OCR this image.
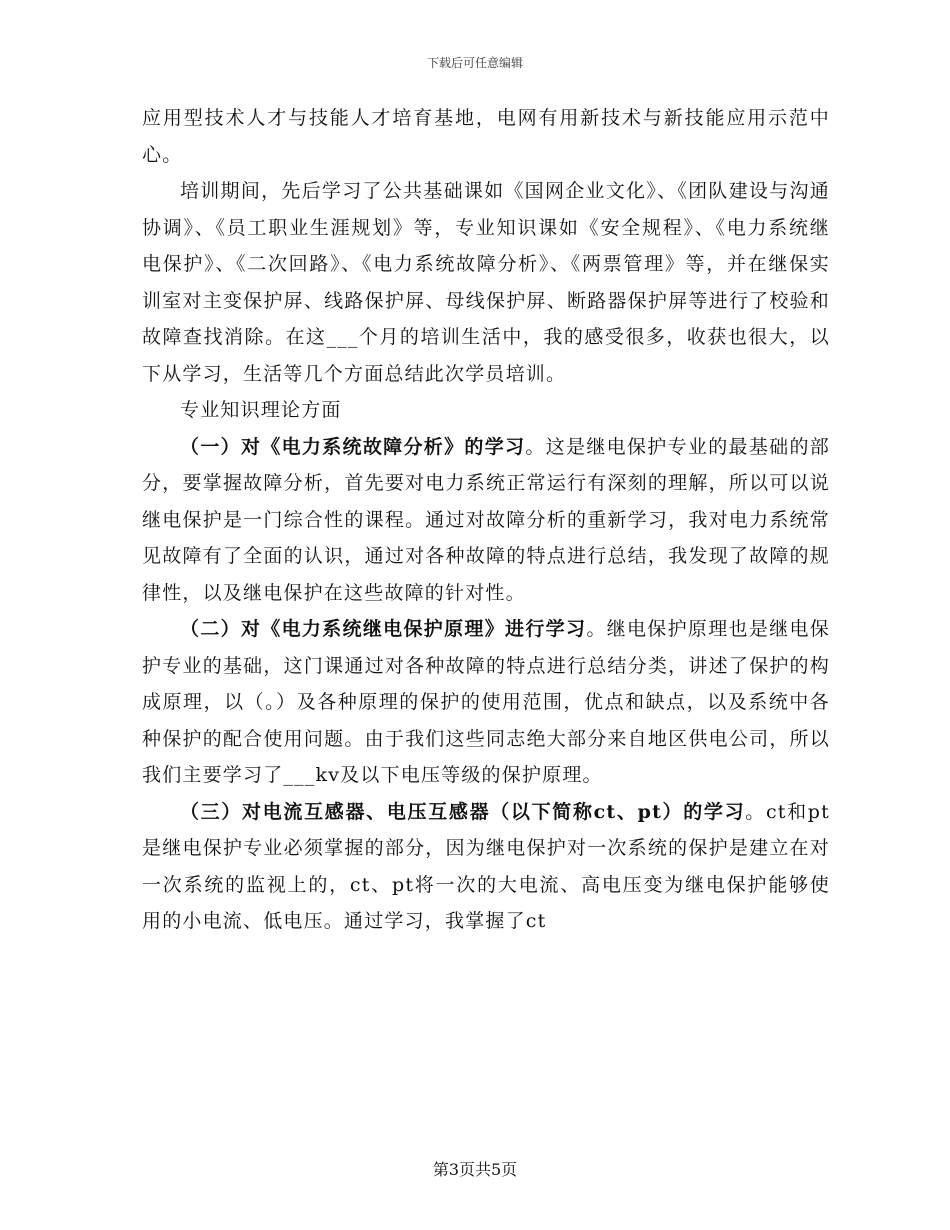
下载后可任意编辑

应用型技术人才与技能人才培育基地，电网有用新技术与新技能应用示范中心。

培训期间，先后学习了公共基础课如《国网企业文化》、《团队建设与沟通协调》、《员工职业生涯规划》等，专业知识课如《安全规程》、《电力系统继电保护》、《二次回路》、《电力系统故障分析》、《两票管理》等，并在继保实训室对主变保护屏、线路保护屏、母线保护屏、断路器保护屏等进行了校验和故障查找消除。在这___个月的培训生活中，我的感受很多，收获也很大，以下从学习，生活等几个方面总结此次学员培训。

专业知识理论方面

（一）对《电力系统故障分析》的学习。这是继电保护专业的最基础的部分，要掌握故障分析，首先要对电力系统正常运行有深刻的理解，所以可以说继电保护是一门综合性的课程。通过对故障分析的重新学习，我对电力系统常见故障有了全面的认识，通过对各种故障的特点进行总结，我发现了故障的规律性，以及继电保护在这些故障的针对性。

（二）对《电力系统继电保护原理》进行学习。继电保护原理也是继电保护专业的基础，这门课通过对各种故障的特点进行总结分类，讲述了保护的构成原理，以（。）及各种原理的保护的使用范围，优点和缺点，以及系统中各种保护的配合使用问题。由于我们这些同志绝大部分来自地区供电公司，所以我们主要学习了___kv及以下电压等级的保护原理。

（三）对电流互感器、电压互感器（以下简称ct、pt）的学习。ct和pt是继电保护专业必须掌握的部分，因为继电保护对一次系统的保护是建立在对一次系统的监视上的，ct、pt将一次的大电流、高电压变为继电保护能够使用的小电流、低电压。通过学习，我掌握了ct

第3页共5页
